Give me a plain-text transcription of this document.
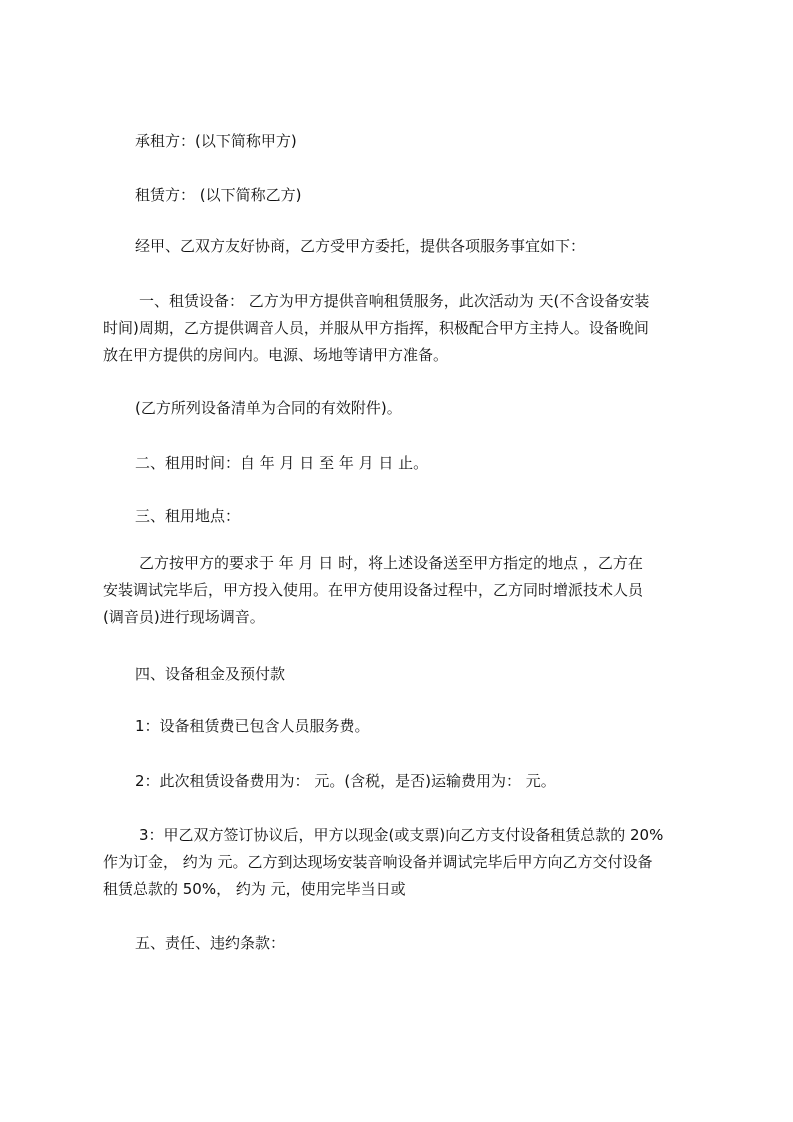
承租方：(以下简称甲方)

租赁方： (以下简称乙方)

经甲、乙双方友好协商，乙方受甲方委托，提供各项服务事宜如下：

一、租赁设备： 乙方为甲方提供音响租赁服务，此次活动为 天(不含设备安装
时间)周期，乙方提供调音人员，并服从甲方指挥，积极配合甲方主持人。设备晚间
放在甲方提供的房间内。电源、场地等请甲方准备。

(乙方所列设备清单为合同的有效附件)。

二、租用时间：自 年 月 日 至 年 月 日 止。

三、租用地点：

乙方按甲方的要求于 年 月 日 时，将上述设备送至甲方指定的地点 ，乙方在
安装调试完毕后，甲方投入使用。在甲方使用设备过程中，乙方同时增派技术人员
(调音员)进行现场调音。

四、设备租金及预付款

1：设备租赁费已包含人员服务费。

2：此次租赁设备费用为： 元。(含税，是否)运输费用为： 元。

3：甲乙双方签订协议后，甲方以现金(或支票)向乙方支付设备租赁总款的 20%
作为订金， 约为 元。乙方到达现场安装音响设备并调试完毕后甲方向乙方交付设备
租赁总款的 50%， 约为 元，使用完毕当日或

五、责任、违约条款：
